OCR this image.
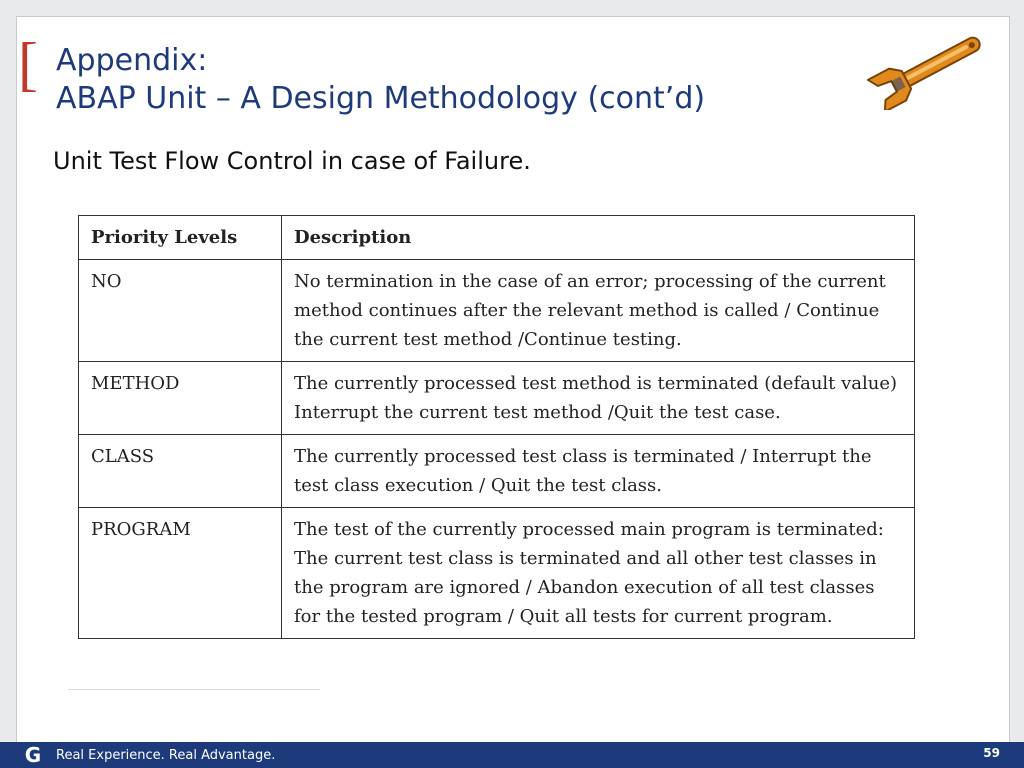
[ Appendix:
ABAP Unit – A Design Methodology (cont’d)
Unit Test Flow Control in case of Failure.
Priority Levels	Description
NO	No termination in the case of an error; processing of the current method continues after the relevant method is called / Continue the current test method /Continue testing.
METHOD	The currently processed test method is terminated (default value) Interrupt the current test method /Quit the test case.
CLASS	The currently processed test class is terminated / Interrupt the test class execution / Quit the test class.
PROGRAM	The test of the currently processed main program is terminated: The current test class is terminated and all other test classes in the program are ignored / Abandon execution of all test classes for the tested program / Quit all tests for current program.
G	Real Experience. Real Advantage.	59
